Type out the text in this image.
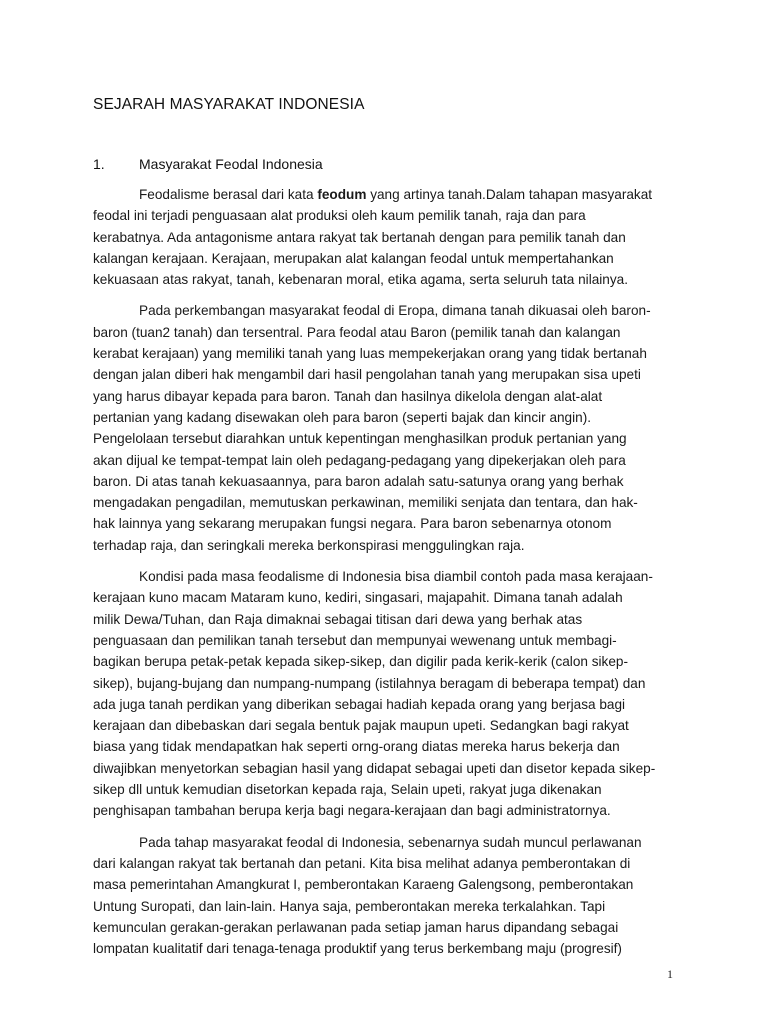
SEJARAH MASYARAKAT INDONESIA
1. Masyarakat Feodal Indonesia
Feodalisme berasal dari kata feodum yang artinya tanah.Dalam tahapan masyarakat
feodal ini terjadi penguasaan alat produksi oleh kaum pemilik tanah, raja dan para
kerabatnya. Ada antagonisme antara rakyat tak bertanah dengan para pemilik tanah dan
kalangan kerajaan. Kerajaan, merupakan alat kalangan feodal untuk mempertahankan
kekuasaan atas rakyat, tanah, kebenaran moral, etika agama, serta seluruh tata nilainya.
Pada perkembangan masyarakat feodal di Eropa, dimana tanah dikuasai oleh baron-
baron (tuan2 tanah) dan tersentral. Para feodal atau Baron (pemilik tanah dan kalangan
kerabat kerajaan) yang memiliki tanah yang luas mempekerjakan orang yang tidak bertanah
dengan jalan diberi hak mengambil dari hasil pengolahan tanah yang merupakan sisa upeti
yang harus dibayar kepada para baron. Tanah dan hasilnya dikelola dengan alat-alat
pertanian yang kadang disewakan oleh para baron (seperti bajak dan kincir angin).
Pengelolaan tersebut diarahkan untuk kepentingan menghasilkan produk pertanian yang
akan dijual ke tempat-tempat lain oleh pedagang-pedagang yang dipekerjakan oleh para
baron. Di atas tanah kekuasaannya, para baron adalah satu-satunya orang yang berhak
mengadakan pengadilan, memutuskan perkawinan, memiliki senjata dan tentara, dan hak-
hak lainnya yang sekarang merupakan fungsi negara. Para baron sebenarnya otonom
terhadap raja, dan seringkali mereka berkonspirasi menggulingkan raja.
Kondisi pada masa feodalisme di Indonesia bisa diambil contoh pada masa kerajaan-
kerajaan kuno macam Mataram kuno, kediri, singasari, majapahit. Dimana tanah adalah
milik Dewa/Tuhan, dan Raja dimaknai sebagai titisan dari dewa yang berhak atas
penguasaan dan pemilikan tanah tersebut dan mempunyai wewenang untuk membagi-
bagikan berupa petak-petak kepada sikep-sikep, dan digilir pada kerik-kerik (calon sikep-
sikep), bujang-bujang dan numpang-numpang (istilahnya beragam di beberapa tempat) dan
ada juga tanah perdikan yang diberikan sebagai hadiah kepada orang yang berjasa bagi
kerajaan dan dibebaskan dari segala bentuk pajak maupun upeti. Sedangkan bagi rakyat
biasa yang tidak mendapatkan hak seperti orng-orang diatas mereka harus bekerja dan
diwajibkan menyetorkan sebagian hasil yang didapat sebagai upeti dan disetor kepada sikep-
sikep dll untuk kemudian disetorkan kepada raja, Selain upeti, rakyat juga dikenakan
penghisapan tambahan berupa kerja bagi negara-kerajaan dan bagi administratornya.
Pada tahap masyarakat feodal di Indonesia, sebenarnya sudah muncul perlawanan
dari kalangan rakyat tak bertanah dan petani. Kita bisa melihat adanya pemberontakan di
masa pemerintahan Amangkurat I, pemberontakan Karaeng Galengsong, pemberontakan
Untung Suropati, dan lain-lain. Hanya saja, pemberontakan mereka terkalahkan. Tapi
kemunculan gerakan-gerakan perlawanan pada setiap jaman harus dipandang sebagai
lompatan kualitatif dari tenaga-tenaga produktif yang terus berkembang maju (progresif)
1
